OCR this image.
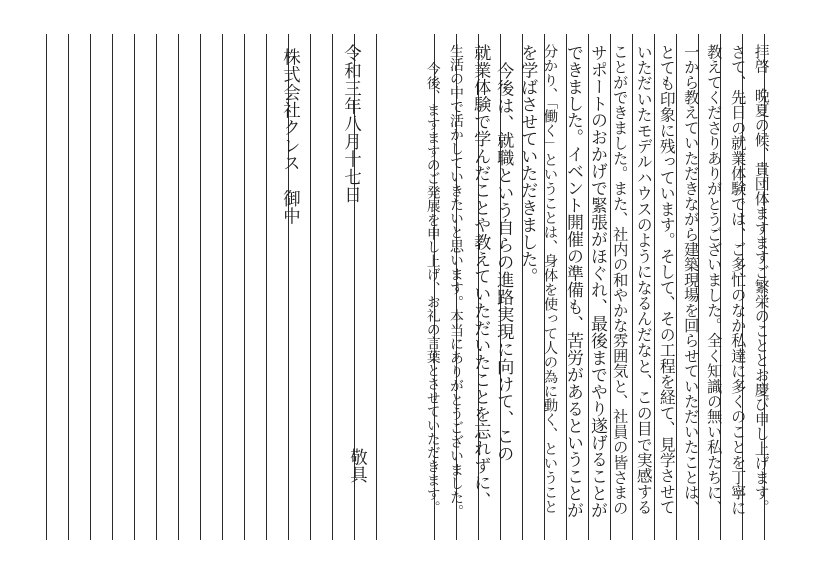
令和三年八月十七日
株式会社クレス　御中
敬具	拝啓　晩夏の候、貴団体ますますご繁栄のこととお慶び申し上げます。
さて、先日の就業体験では、ご多忙のなか私達に多くのことを丁寧に
教えてくださりありがとうございました。全く知識の無い私たちに、
一から教えていただきながら建築現場を回らせていただいたことは、
とても印象に残っています。そして、その工程を経て、見学させて
いただいたモデルハウスのようになるんだなと、この目で実感する
ことができました。また、社内の和やかな雰囲気と、社員の皆さまの
サポートのおかげで緊張がほぐれ、最後までやり遂げることが
できました。イベント開催の準備も、苦労があるということが
分かり、「働く」ということは、身体を使って人の為に動く、ということ
を学ばさせていただきました。
就業体験で学んだことや教えていただいたことを忘れずに、
生活の中で活かしていきたいと思います。本当にありがとうございました。
今後、ますますのご発展を申し上げ、お礼の言葉とさせていただきます。	今後は、就職という自らの進路実現に向けて、この
